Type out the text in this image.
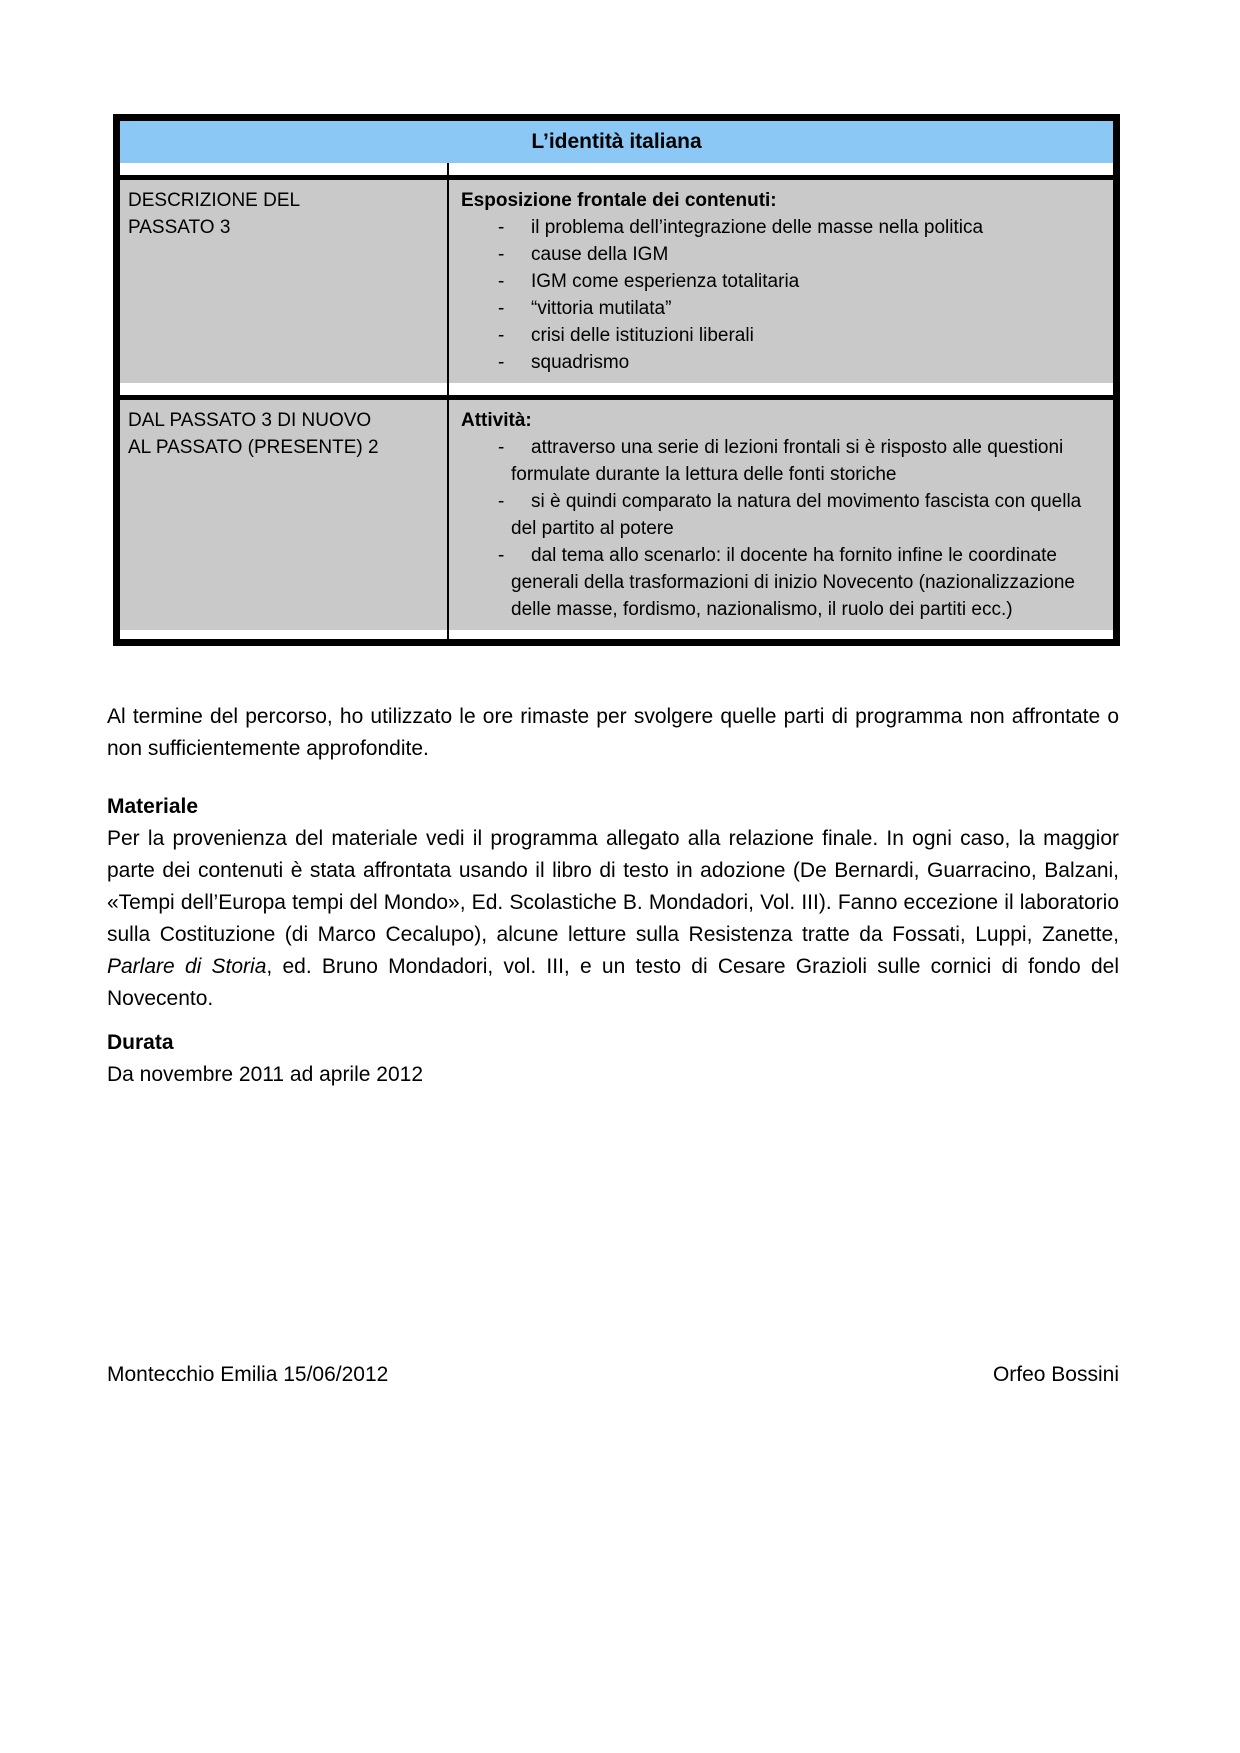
L’identità italiana
DESCRIZIONE DEL
PASSATO 3
Esposizione frontale dei contenuti:
-il problema dell’integrazione delle masse nella politica
-cause della IGM
-IGM come esperienza totalitaria
-“vittoria mutilata”
-crisi delle istituzioni liberali
-squadrismo
DAL PASSATO 3 DI NUOVO
AL PASSATO (PRESENTE) 2
Attività:
-attraverso una serie di lezioni frontali si è risposto alle questioni formulate durante la lettura delle fonti storiche
-si è quindi comparato la natura del movimento fascista con quella del partito al potere
-dal tema allo scenarlo: il docente ha fornito infine le coordinate generali della trasformazioni di inizio Novecento (nazionalizzazione delle masse, fordismo, nazionalismo, il ruolo dei partiti ecc.)

Al termine del percorso, ho utilizzato le ore rimaste per svolgere quelle parti di programma non affrontate o non sufficientemente approfondite.

Materiale

Per la provenienza del materiale vedi il programma allegato alla relazione finale. In ogni caso, la maggior parte dei contenuti è stata affrontata usando il libro di testo in adozione (De Bernardi, Guarracino, Balzani, «Tempi dell’Europa tempi del Mondo», Ed. Scolastiche B. Mondadori, Vol. III). Fanno eccezione il laboratorio sulla Costituzione (di Marco Cecalupo), alcune letture sulla Resistenza tratte da Fossati, Luppi, Zanette, Parlare di Storia, ed. Bruno Mondadori, vol. III, e un testo di Cesare Grazioli sulle cornici di fondo del Novecento.

Durata

Da novembre 2011 ad aprile 2012

Montecchio Emilia 15/06/2012	Orfeo Bossini
